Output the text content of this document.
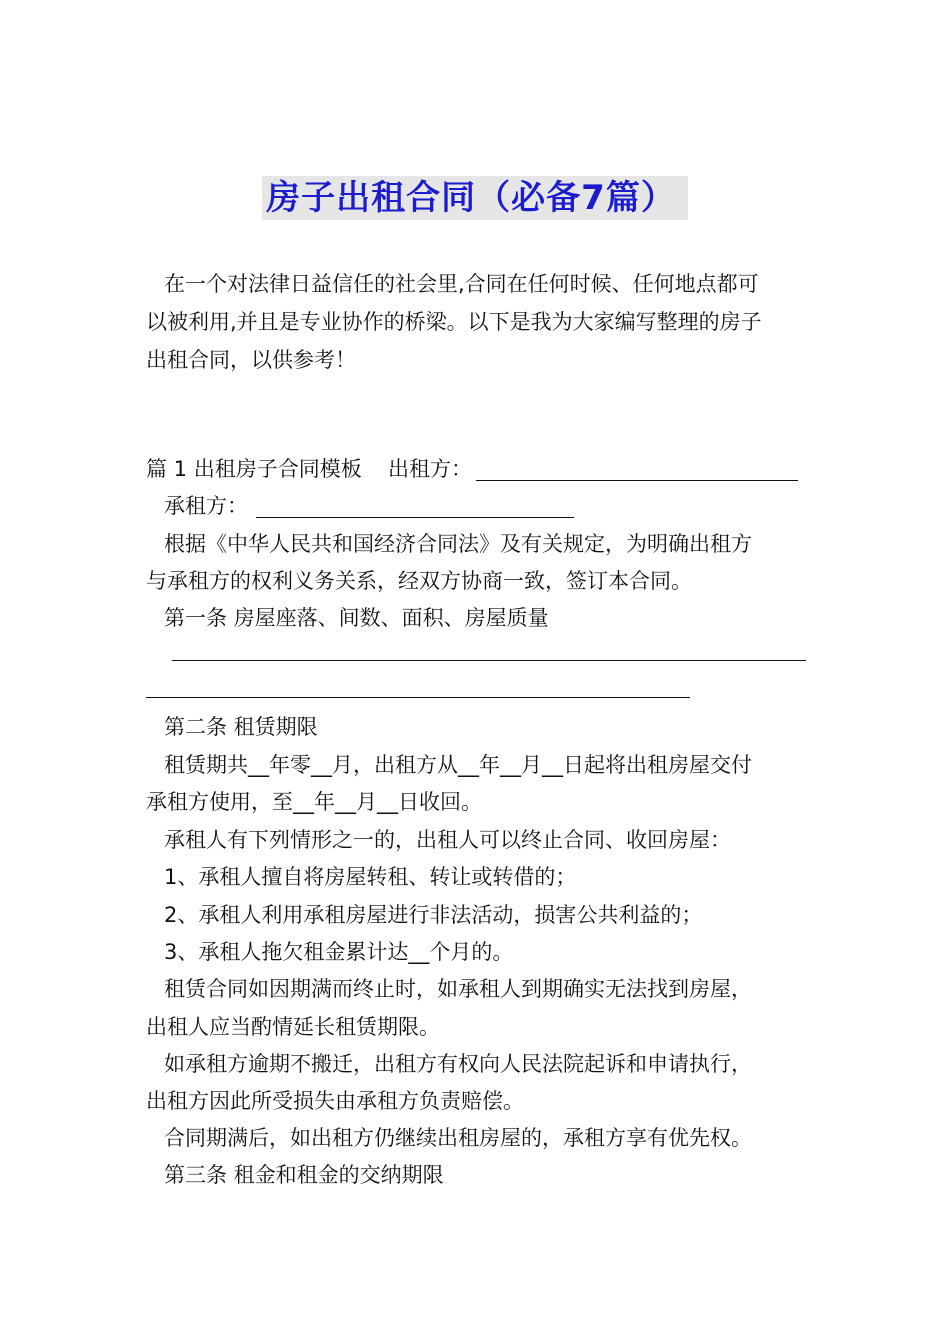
房子出租合同（必备7篇）
在一个对法律日益信任的社会里,合同在任何时候、任何地点都可
以被利用,并且是专业协作的桥梁。以下是我为大家编写整理的房子
出租合同，以供参考！
篇 1 出租房子合同模板	出租方：
承租方：
根据《中华人民共和国经济合同法》及有关规定，为明确出租方
与承租方的权利义务关系，经双方协商一致，签订本合同。
第一条 房屋座落、间数、面积、房屋质量
第二条 租赁期限
租赁期共__年零__月，出租方从__年__月__日起将出租房屋交付
承租方使用，至__年__月__日收回。
承租人有下列情形之一的，出租人可以终止合同、收回房屋：
1、承租人擅自将房屋转租、转让或转借的；
2、承租人利用承租房屋进行非法活动，损害公共利益的；
3、承租人拖欠租金累计达__个月的。
租赁合同如因期满而终止时，如承租人到期确实无法找到房屋，
出租人应当酌情延长租赁期限。
如承租方逾期不搬迁，出租方有权向人民法院起诉和申请执行，
出租方因此所受损失由承租方负责赔偿。
合同期满后，如出租方仍继续出租房屋的，承租方享有优先权。
第三条 租金和租金的交纳期限
